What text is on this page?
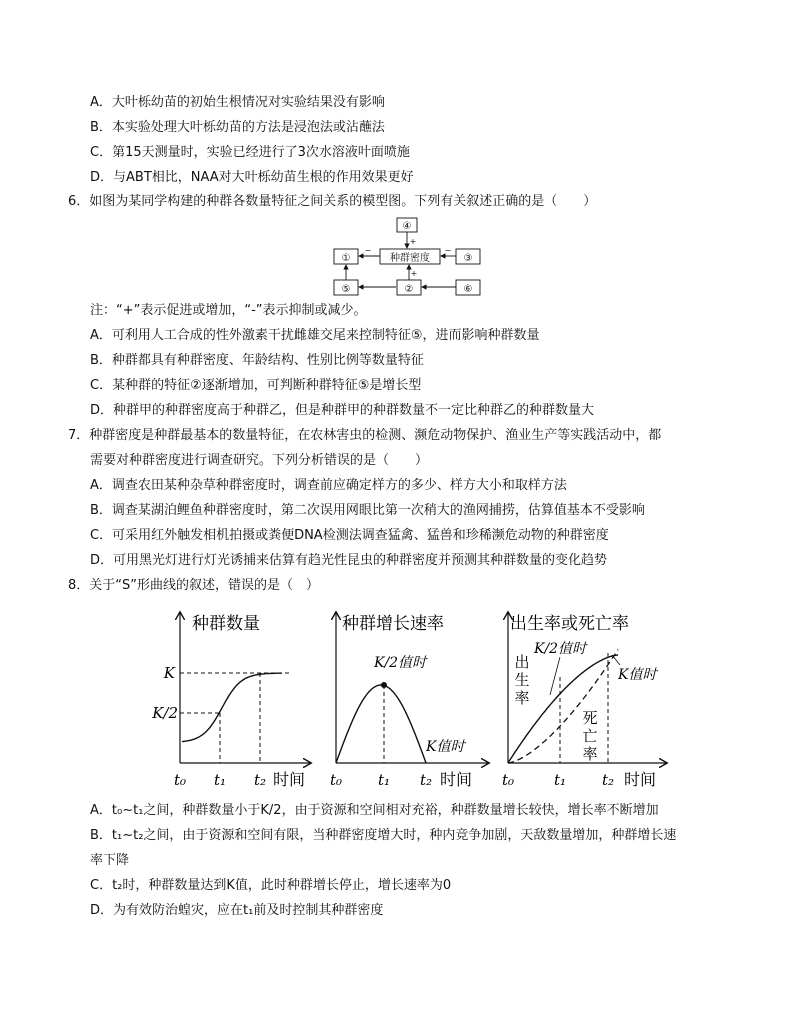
A．大叶栎幼苗的初始生根情况对实验结果没有影响
B．本实验处理大叶栎幼苗的方法是浸泡法或沾蘸法
C．第15天测量时，实验已经进行了3次水溶液叶面喷施
D．与ABT相比，NAA对大叶栎幼苗生根的作用效果更好
6．如图为某同学构建的种群各数量特征之间关系的模型图。下列有关叙述正确的是（　　）
④
①	种群密度	③
⑤	②	⑥
+
−	−
+
注：“+”表示促进或增加，“-”表示抑制或减少。
A．可利用人工合成的性外激素干扰雌雄交尾来控制特征⑤，进而影响种群数量
B．种群都具有种群密度、年龄结构、性别比例等数量特征
C．某种群的特征②逐渐增加，可判断种群特征⑤是增长型
D．种群甲的种群密度高于种群乙，但是种群甲的种群数量不一定比种群乙的种群数量大
7．种群密度是种群最基本的数量特征，在农林害虫的检测、濒危动物保护、渔业生产等实践活动中，都
需要对种群密度进行调查研究。下列分析错误的是（　　）
A．调查农田某种杂草种群密度时，调查前应确定样方的多少、样方大小和取样方法
B．调查某湖泊鲤鱼种群密度时，第二次误用网眼比第一次稍大的渔网捕捞，估算值基本不受影响
C．可采用红外触发相机拍摄或粪便DNA检测法调查猛禽、猛兽和珍稀濒危动物的种群密度
D．可用黑光灯进行灯光诱捕来估算有趋光性昆虫的种群密度并预测其种群数量的变化趋势
8．关于“S”形曲线的叙述，错误的是（　）
种群数量
K
K/2
t₀ t₁ t₂ 时间
种群增长速率
K/2值时
K值时
t₀ t₁ t₂ 时间
出生率或死亡率
K/2值时
K值时
出
生
率
死
亡
率
t₀	t₁ t₂ 时间
A．t₀~t₁之间，种群数量小于K/2，由于资源和空间相对充裕，种群数量增长较快，增长率不断增加
B．t₁~t₂之间，由于资源和空间有限，当种群密度增大时，种内竞争加剧，天敌数量增加，种群增长速
率下降
C．t₂时，种群数量达到K值，此时种群增长停止，增长速率为0
D．为有效防治蝗灾，应在t₁前及时控制其种群密度
